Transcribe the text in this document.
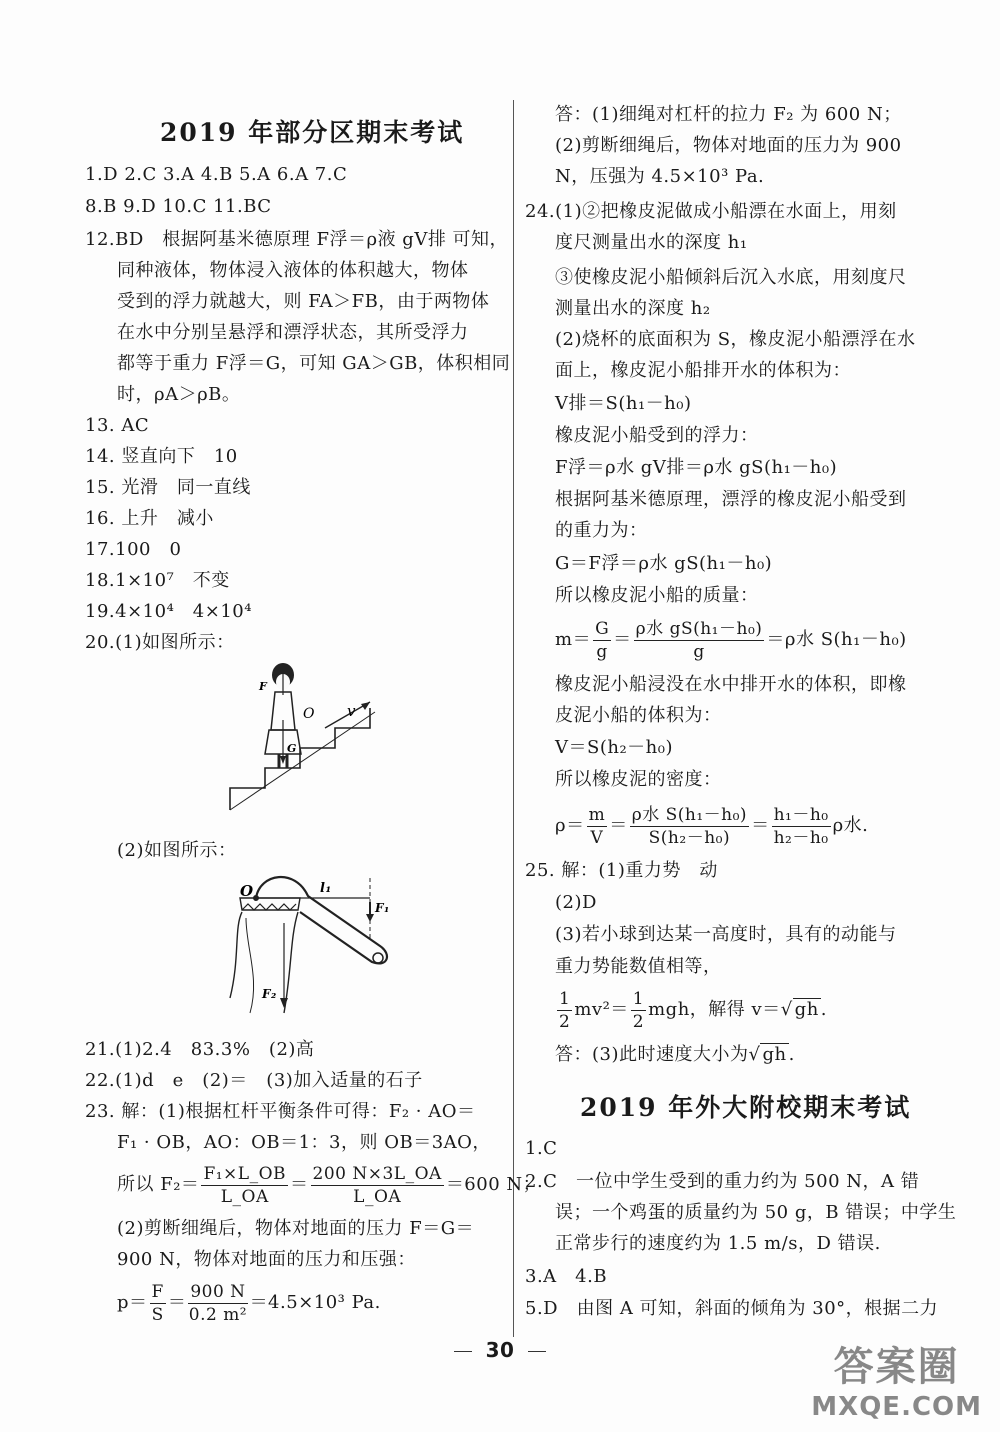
2019 年部分区期末考试
1.D 2.C 3.A 4.B 5.A 6.A 7.C
8.B 9.D 10.C 11.BC
12.BD　根据阿基米德原理 F浮＝ρ液 gV排 可知，
同种液体，物体浸入液体的体积越大，物体
受到的浮力就越大，则 FA＞FB，由于两物体
在水中分别呈悬浮和漂浮状态，其所受浮力
都等于重力 F浮＝G，可知 GA＞GB，体积相同
时，ρA＞ρB。
13. AC
14. 竖直向下　10
15. 光滑　同一直线
16. 上升　减小
17.100　0
18.1×10⁷　不变
19.4×10⁴　4×10⁴
20.(1)如图所示：
F
O
G
v
(2)如图所示：
O	l₁
F₁
F₂
21.(1)2.4　83.3%　(2)高
22.(1)d　e　(2)＝　(3)加入适量的石子
23. 解：(1)根据杠杆平衡条件可得：F₂ · AO＝
F₁ · OB，AO：OB＝1：3，则 OB＝3AO，
所以 $F_2= \frac{\text{F₁×L\_OB}}{L\_OA} = \frac{200 N\times 3L\_OA}{L\_OA} =600$ N；
(2)剪断细绳后，物体对地面的压力 F＝G＝
900 N，物体对地面的压力和压强：
$p= \frac{F}{S} = \frac{900 N}{\text{0.2 m²}} =4.5\times 10^3$ Pa.
答：(1)细绳对杠杆的拉力 F₂ 为 600 N；
(2)剪断细绳后，物体对地面的压力为 900
N，压强为 4.5×10³ Pa.
24.(1)②把橡皮泥做成小船漂在水面上，用刻
度尺测量出水的深度 h₁
③使橡皮泥小船倾斜后沉入水底，用刻度尺
测量出水的深度 h₂
(2)烧杯的底面积为 S，橡皮泥小船漂浮在水
面上，橡皮泥小船排开水的体积为：
V排＝S(h₁－h₀)
橡皮泥小船受到的浮力：
F浮＝ρ水 gV排＝ρ水 gS(h₁－h₀)
根据阿基米德原理，漂浮的橡皮泥小船受到
的重力为：
G＝F浮＝ρ水 gS(h₁－h₀)
所以橡皮泥小船的质量：
$m= \frac{G}{g} = \frac{\text{ρ水 gS(h₁－h₀)}}{g} =\rho$水 S(h₁－h₀)
橡皮泥小船浸没在水中排开水的体积，即橡
皮泥小船的体积为：
V＝S(h₂－h₀)
所以橡皮泥的密度：
$\rho= \frac{m}{V} = \frac{\text{ρ水 S(h₁－h₀)}}{\text{S(h₂－h₀)}} = \frac{\text{h₁－h₀}}{\text{h₂－h₀}}$ ρ水.
25. 解：(1)重力势　动
(2)D
(3)若小球到达某一高度时，具有的动能与
重力势能数值相等，
$\frac{1}{2} mv^2= \frac{1}{2}$ mgh，解得 v＝√ gh .
答：(3)此时速度大小为√ gh .
2019 年外大附校期末考试
1.C
2.C　一位中学生受到的重力约为 500 N，A 错
误；一个鸡蛋的质量约为 50 g，B 错误；中学生
正常步行的速度约为 1.5 m/s，D 错误.
3.A　4.B
5.D　由图 A 可知，斜面的倾角为 30°，根据二力
30	答案圈
MXQE.COM
